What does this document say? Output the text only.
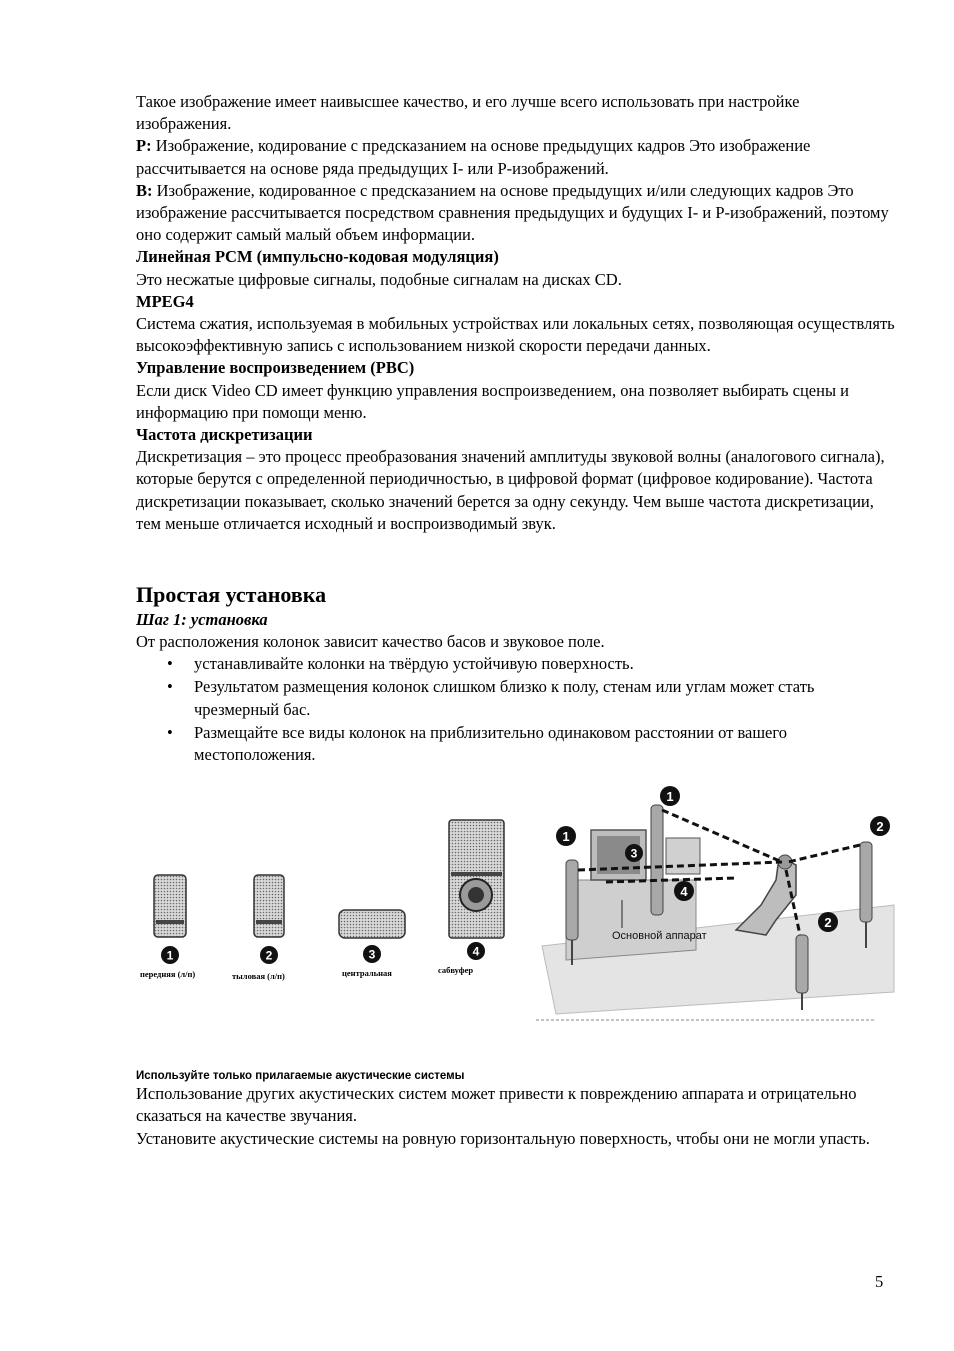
Такое изображение имеет наивысшее качество, и его лучше всего использовать при настройке изображения.

P: Изображение, кодирование с предсказанием на основе предыдущих кадров Это изображение рассчитывается на основе ряда предыдущих I- или P-изображений.

B: Изображение, кодированное с предсказанием на основе предыдущих и/или следующих кадров Это изображение рассчитывается посредством сравнения предыдущих и будущих I- и P-изображений, поэтому оно содержит самый малый объем информации.

Линейная PCM (импульсно-кодовая модуляция)

Это несжатые цифровые сигналы, подобные сигналам на дисках CD.

MPEG4

Система сжатия, используемая в мобильных устройствах или локальных сетях, позволяющая осуществлять высокоэффективную запись с использованием низкой скорости передачи данных.

Управление воспроизведением (PBC)

Если диск Video CD имеет функцию управления воспроизведением, она позволяет выбирать сцены и информацию при помощи меню.

Частота дискретизации

Дискретизация – это процесс преобразования значений амплитуды звуковой волны (аналогового сигнала), которые берутся с определенной периодичностью, в цифровой формат (цифровое кодирование). Частота дискретизации показывает, сколько значений берется за одну секунду. Чем выше частота дискретизации, тем меньше отличается исходный и воспроизводимый звук.

Простая установка
Шаг 1: установка

От расположения колонок зависит качество басов и звуковое поле.

• устанавливайте колонки на твёрдую устойчивую поверхность.
• Результатом размещения колонок слишком близко к полу, стенам или углам может стать чрезмерный бас.
• Размещайте все виды колонок на приблизительно одинаковом расстоянии от вашего местоположения.
1	2	3	4
передняя (л/п)	тыловая (л/п)	центральная	сабвуфер
1
1
2
2
3
4
Основной аппарат
Используйте только прилагаемые акустические системы

Использование других акустических систем может привести к повреждению аппарата и отрицательно сказаться на качестве звучания.

Установите акустические системы на ровную горизонтальную поверхность, чтобы они не могли упасть.

5
